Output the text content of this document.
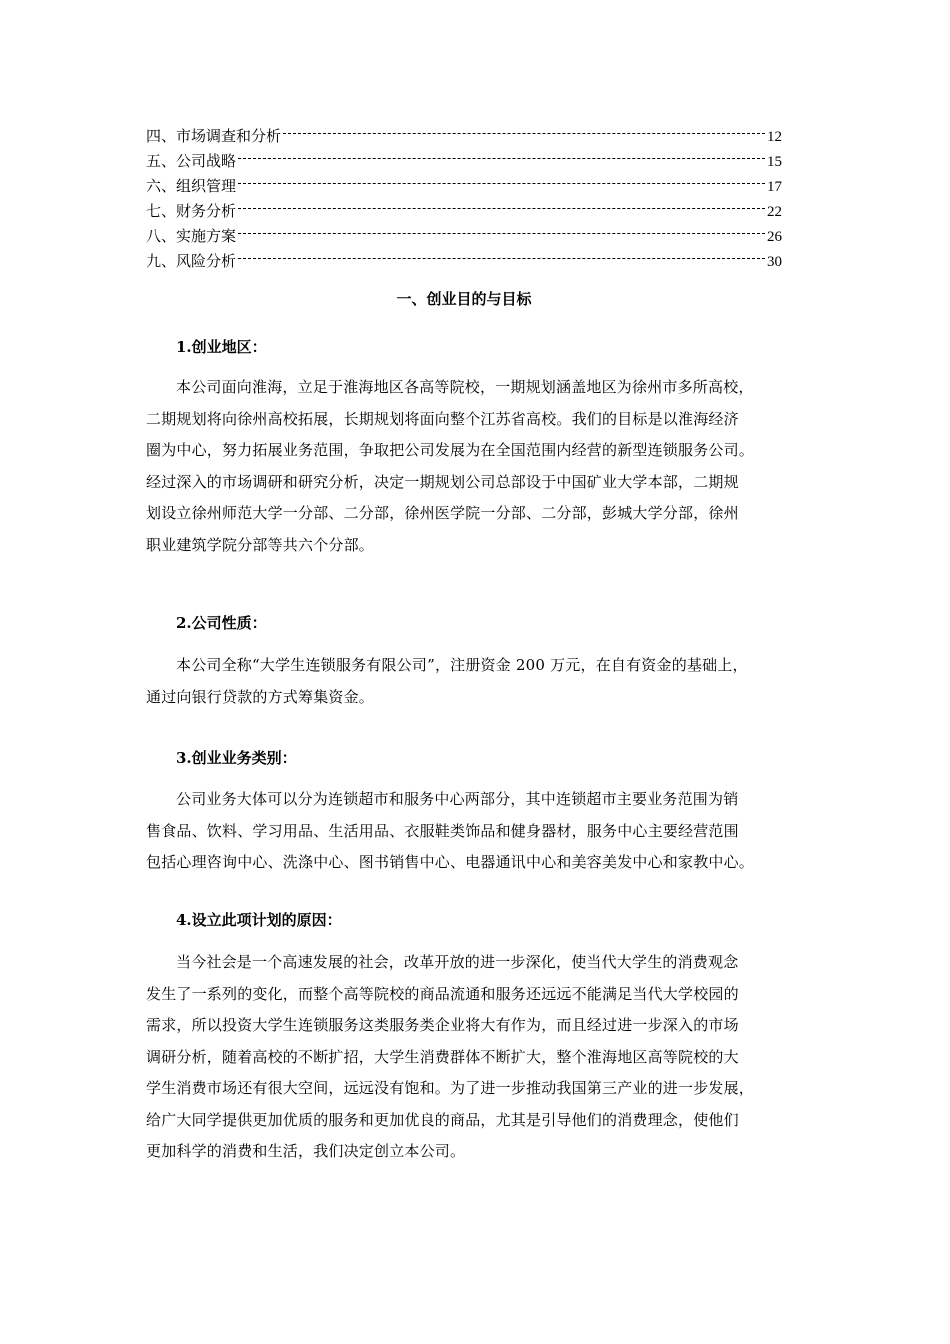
四、市场调查和分析	12
五、公司战略	15
六、组织管理	17
七、财务分析	22
八、实施方案	26
九、风险分析	30
一、创业目的与目标
1.创业地区：
本公司面向淮海，立足于淮海地区各高等院校，一期规划涵盖地区为徐州市多所高校，
二期规划将向徐州高校拓展，长期规划将面向整个江苏省高校。我们的目标是以淮海经济
圈为中心，努力拓展业务范围，争取把公司发展为在全国范围内经营的新型连锁服务公司。
经过深入的市场调研和研究分析，决定一期规划公司总部设于中国矿业大学本部，二期规
划设立徐州师范大学一分部、二分部，徐州医学院一分部、二分部，彭城大学分部，徐州
职业建筑学院分部等共六个分部。
2.公司性质：
本公司全称“大学生连锁服务有限公司”，注册资金 200 万元，在自有资金的基础上，
通过向银行贷款的方式筹集资金。
3.创业业务类别：
公司业务大体可以分为连锁超市和服务中心两部分，其中连锁超市主要业务范围为销
售食品、饮料、学习用品、生活用品、衣服鞋类饰品和健身器材，服务中心主要经营范围
包括心理咨询中心、洗涤中心、图书销售中心、电器通讯中心和美容美发中心和家教中心。
4.设立此项计划的原因：
当今社会是一个高速发展的社会，改革开放的进一步深化，使当代大学生的消费观念
发生了一系列的变化，而整个高等院校的商品流通和服务还远远不能满足当代大学校园的
需求，所以投资大学生连锁服务这类服务类企业将大有作为，而且经过进一步深入的市场
调研分析，随着高校的不断扩招，大学生消费群体不断扩大，整个淮海地区高等院校的大
学生消费市场还有很大空间，远远没有饱和。为了进一步推动我国第三产业的进一步发展，
给广大同学提供更加优质的服务和更加优良的商品，尤其是引导他们的消费理念，使他们
更加科学的消费和生活，我们决定创立本公司。
